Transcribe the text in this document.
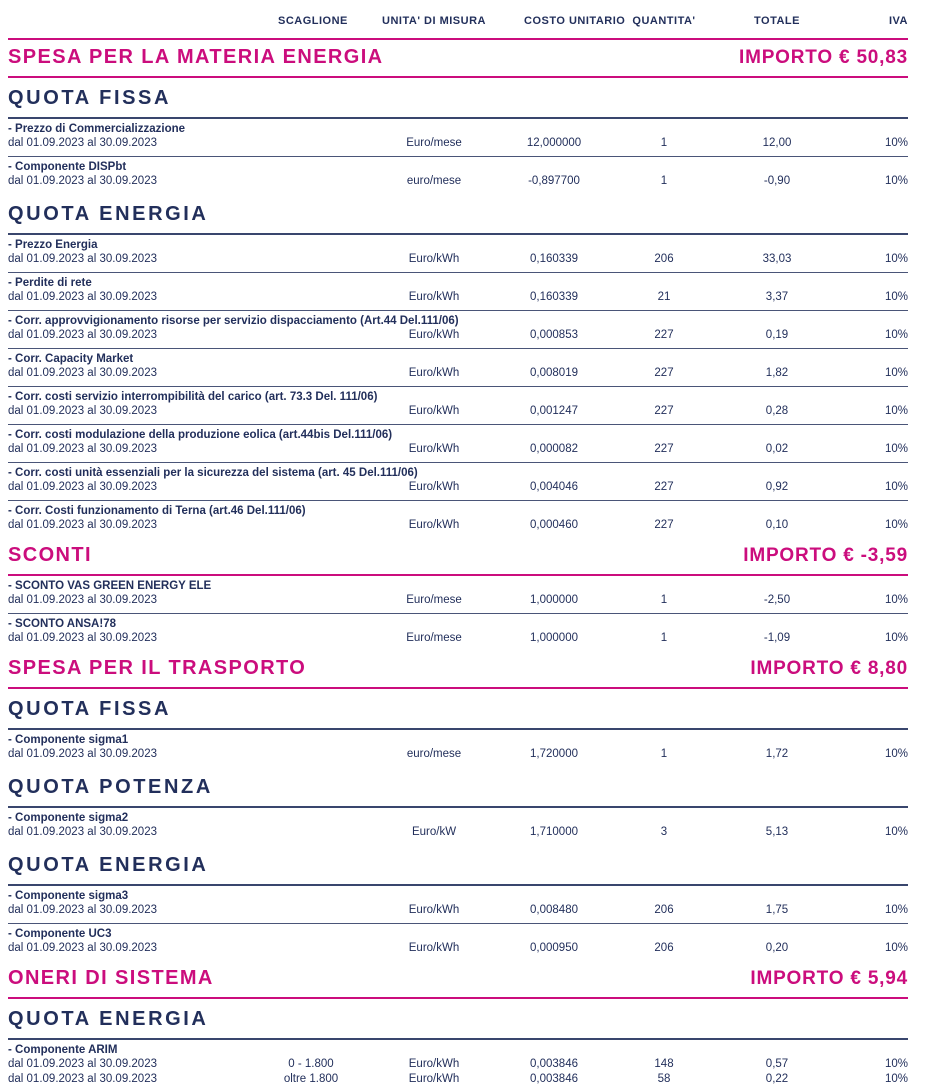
SCAGLIONE	UNITA' DI MISURA	COSTO UNITARIO QUANTITA'	TOTALE	IVA
SPESA PER LA MATERIA ENERGIA	IMPORTO € 50,83
QUOTA FISSA
- Prezzo di Commercializzazione
dal 01.09.2023 al 30.09.2023	Euro/mese	12,000000	1	12,00	10%
- Componente DISPbt
dal 01.09.2023 al 30.09.2023	euro/mese	-0,897700	1	-0,90	10%
QUOTA ENERGIA
- Prezzo Energia
dal 01.09.2023 al 30.09.2023	Euro/kWh	0,160339	206	33,03	10%
- Perdite di rete
dal 01.09.2023 al 30.09.2023	Euro/kWh	0,160339	21	3,37	10%
- Corr. approvvigionamento risorse per servizio dispacciamento (Art.44 Del.111/06)
dal 01.09.2023 al 30.09.2023	Euro/kWh	0,000853	227	0,19	10%
- Corr. Capacity Market
dal 01.09.2023 al 30.09.2023	Euro/kWh	0,008019	227	1,82	10%
- Corr. costi servizio interrompibilità del carico (art. 73.3 Del. 111/06)
dal 01.09.2023 al 30.09.2023	Euro/kWh	0,001247	227	0,28	10%
- Corr. costi modulazione della produzione eolica (art.44bis Del.111/06)
dal 01.09.2023 al 30.09.2023	Euro/kWh	0,000082	227	0,02	10%
- Corr. costi unità essenziali per la sicurezza del sistema (art. 45 Del.111/06)
dal 01.09.2023 al 30.09.2023	Euro/kWh	0,004046	227	0,92	10%
- Corr. Costi funzionamento di Terna (art.46 Del.111/06)
dal 01.09.2023 al 30.09.2023	Euro/kWh	0,000460	227	0,10	10%
SCONTI	IMPORTO € -3,59
- SCONTO VAS GREEN ENERGY ELE
dal 01.09.2023 al 30.09.2023	Euro/mese	1,000000	1	-2,50	10%
- SCONTO ANSA!78
dal 01.09.2023 al 30.09.2023	Euro/mese	1,000000	1	-1,09	10%
SPESA PER IL TRASPORTO	IMPORTO € 8,80
QUOTA FISSA
- Componente sigma1
dal 01.09.2023 al 30.09.2023	euro/mese	1,720000	1	1,72	10%
QUOTA POTENZA
- Componente sigma2
dal 01.09.2023 al 30.09.2023	Euro/kW	1,710000	3	5,13	10%
QUOTA ENERGIA
- Componente sigma3
dal 01.09.2023 al 30.09.2023	Euro/kWh	0,008480	206	1,75	10%
- Componente UC3
dal 01.09.2023 al 30.09.2023	Euro/kWh	0,000950	206	0,20	10%
ONERI DI SISTEMA	IMPORTO € 5,94
QUOTA ENERGIA
- Componente ARIM
dal 01.09.2023 al 30.09.2023	0 - 1.800	Euro/kWh	0,003846	148	0,57	10%
dal 01.09.2023 al 30.09.2023	oltre 1.800	Euro/kWh	0,003846	58	0,22	10%
